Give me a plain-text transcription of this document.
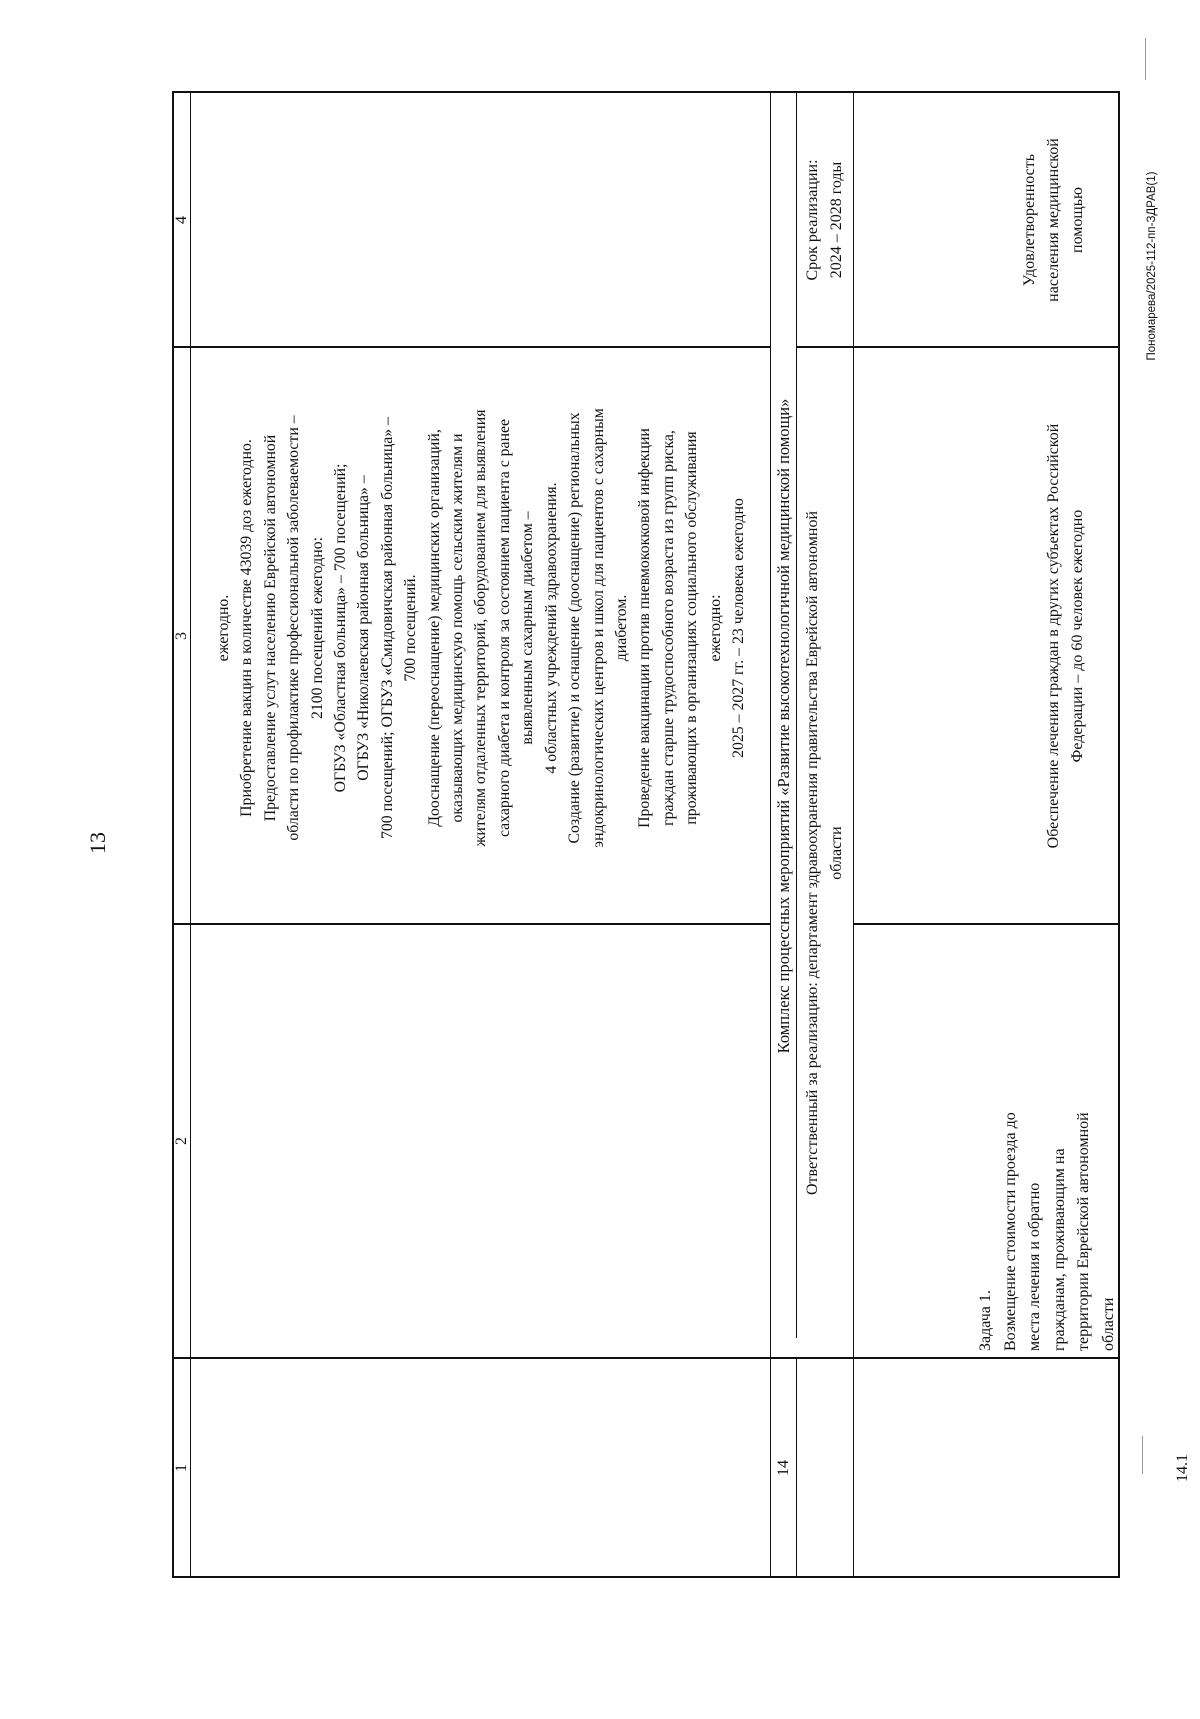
13
Пономарева/2025-112-пп-ЗДРАВ(1)
4
3
2
1
ежегодно. Приобретение вакцин в количестве 43039 доз ежегодно. Предоставление услут населению Еврейской автономной области по профилактике профессиональной заболеваемости – 2100 посещений ежегодно: ОГБУЗ «Областная больница» – 700 посещений; ОГБУЗ «Николаевская районная больница» – 700 посещений; ОГБУЗ «Смидовичская районная больница» – 700 посещений. Дооснащение (переоснащение) медицинских организаций, оказывающих медицинскую помощь сельским жителям и жителям отдаленных территорий, оборудованием для выявления сахарного диабета и контроля за состоянием пациента с ранее выявленным сахарным диабетом – 4 областных учреждений здравоохранения. Создание (развитие) и оснащение (дооснащение) региональных эндокринологических центров и школ для пациентов с сахарным диабетом. Проведение вакцинации против пневмококковой инфекции граждан старше трудоспособного возраста из групп риска, проживающих в организациях социального обслуживания ежегодно: 2025 – 2027 гг. – 23 человека ежегодно Комплекс процессных мероприятий «Развитие высокотехнологичной медицинской помощи»
14
Ответственный за реализацию: департамент здравоохранения правительства Еврейской автономной области
Срок реализации: 2024 – 2028 годы
14.1
Задача 1. Возмещение стоимости проезда до места лечения и обратно гражданам, проживающим на территории Еврейской автономной области
Обеспечение лечения граждан в других субъектах Российской Федерации – до 60 человек ежегодно
Удовлетворенность населения медицинской помощью
